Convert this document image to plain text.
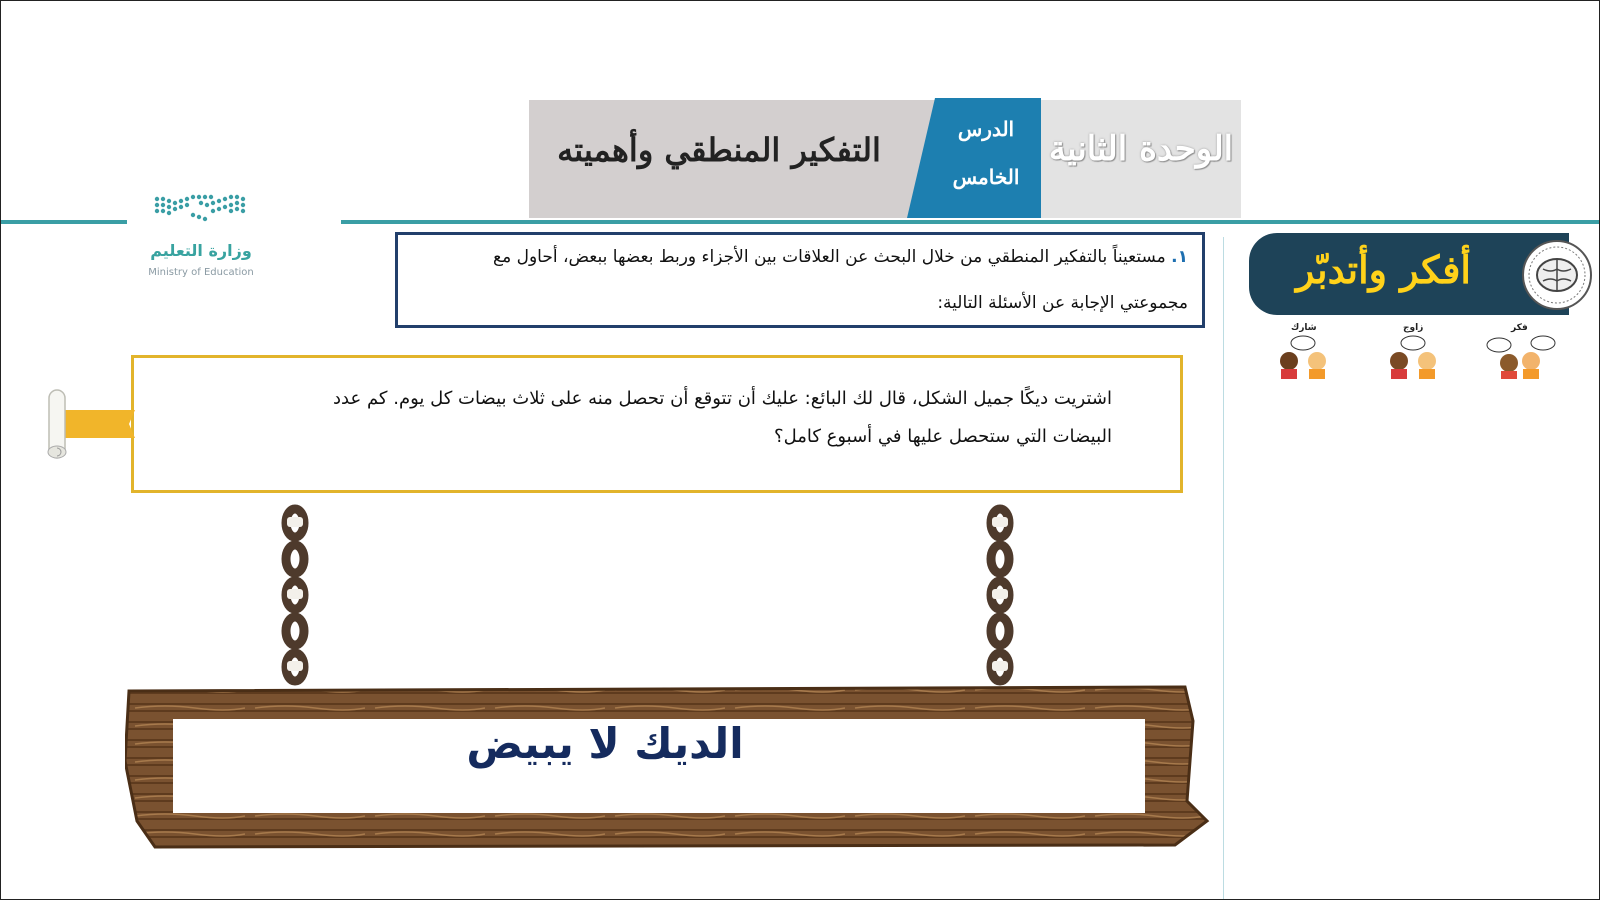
الوحدة الثانية
الدرس
الخامس
التفكير المنطقي وأهميته
وزارة التعليم
Ministry of Education
١. مستعيناً بالتفكير المنطقي من خلال البحث عن العلاقات بين الأجزاء وربط بعضها ببعض، أحاول مع
مجموعتي الإجابة عن الأسئلة التالية:
أفكر وأتدبّر
فكر
زاوج
شارك
اشتريت ديكًا جميل الشكل، قال لك البائع: عليك أن تتوقع أن تحصل منه على ثلاث بيضات كل يوم. كم عدد
البيضات التي ستحصل عليها في أسبوع كامل؟
الديك لا يبيض
